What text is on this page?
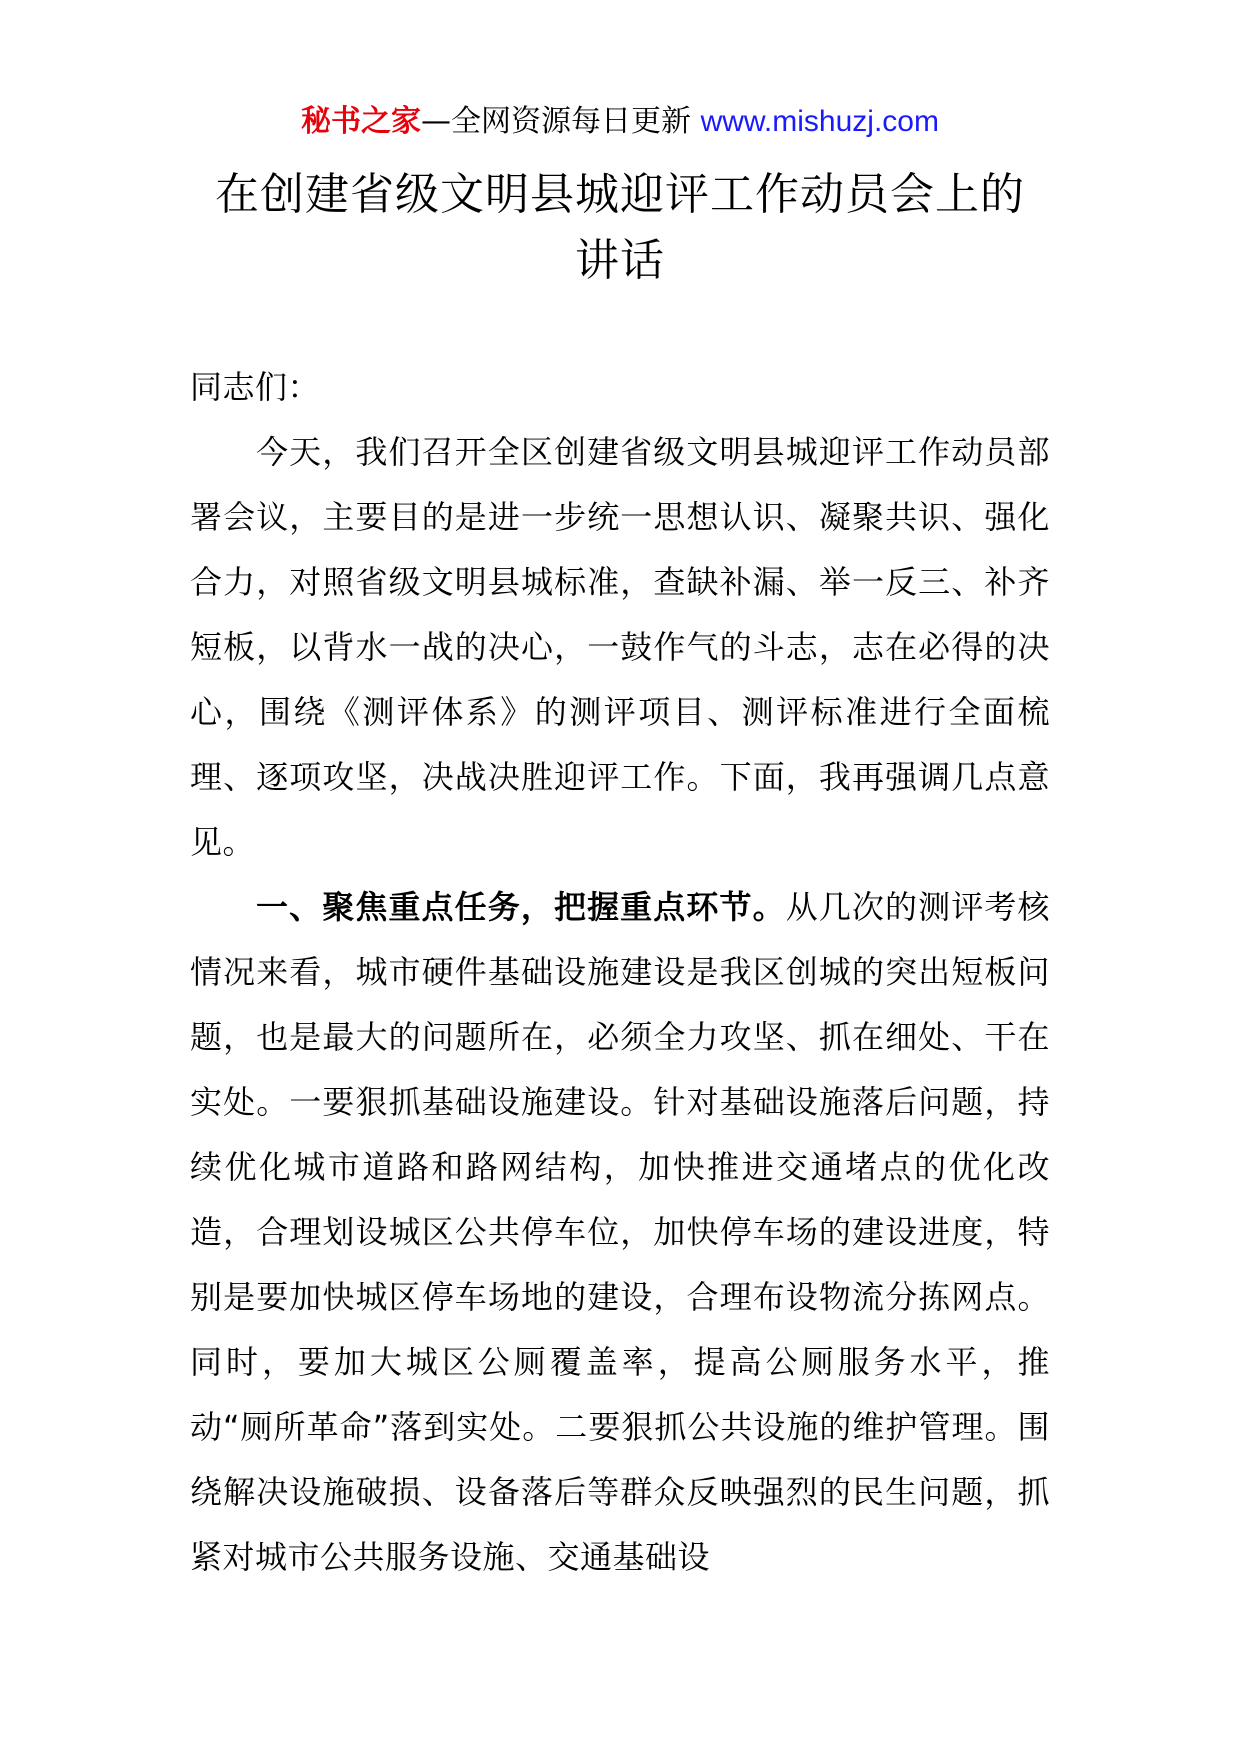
秘书之家—全网资源每日更新 www.mishuzj.com
在创建省级文明县城迎评工作动员会上的
讲话

同志们：

今天，我们召开全区创建省级文明县城迎评工作动员部署会议，主要目的是进一步统一思想认识、凝聚共识、强化合力，对照省级文明县城标准，查缺补漏、举一反三、补齐短板，以背水一战的决心，一鼓作气的斗志，志在必得的决心，围绕《测评体系》的测评项目、测评标准进行全面梳理、逐项攻坚，决战决胜迎评工作。下面，我再强调几点意见。

一、聚焦重点任务，把握重点环节。从几次的测评考核情况来看，城市硬件基础设施建设是我区创城的突出短板问题，也是最大的问题所在，必须全力攻坚、抓在细处、干在实处。一要狠抓基础设施建设。针对基础设施落后问题，持续优化城市道路和路网结构，加快推进交通堵点的优化改造，合理划设城区公共停车位，加快停车场的建设进度，特别是要加快城区停车场地的建设，合理布设物流分拣网点。同时，要加大城区公厕覆盖率，提高公厕服务水平，推动“厕所革命”落到实处。二要狠抓公共设施的维护管理。围绕解决设施破损、设备落后等群众反映强烈的民生问题，抓紧对城市公共服务设施、交通基础设
